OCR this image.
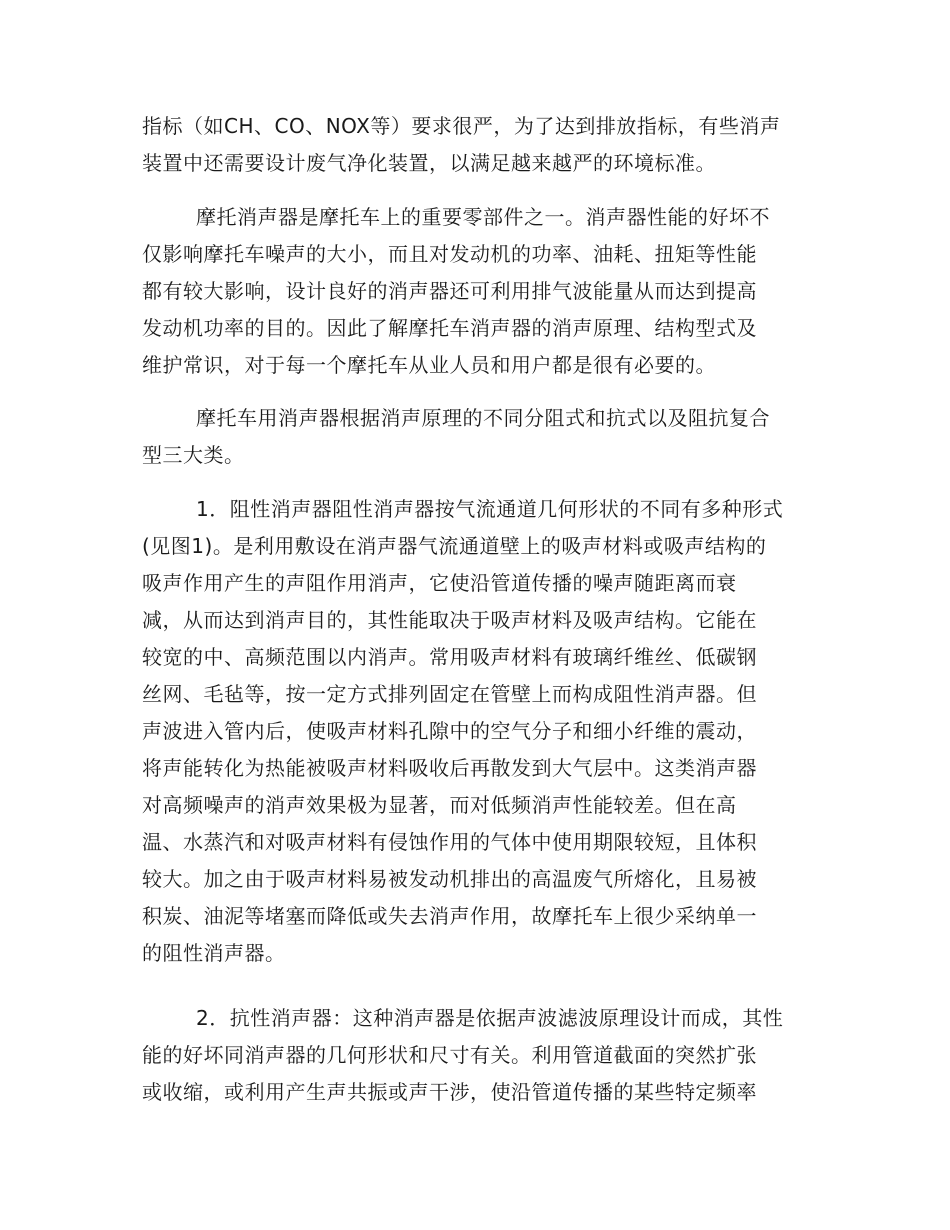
指标（如CH、CO、NOX等）要求很严，为了达到排放指标，有些消声
装置中还需要设计废气净化装置，以满足越来越严的环境标准。
摩托消声器是摩托车上的重要零部件之一。消声器性能的好坏不
仅影响摩托车噪声的大小，而且对发动机的功率、油耗、扭矩等性能
都有较大影响，设计良好的消声器还可利用排气波能量从而达到提高
发动机功率的目的。因此了解摩托车消声器的消声原理、结构型式及
维护常识，对于每一个摩托车从业人员和用户都是很有必要的。
摩托车用消声器根据消声原理的不同分阻式和抗式以及阻抗复合
型三大类。
1．阻性消声器阻性消声器按气流通道几何形状的不同有多种形式
(见图1)。是利用敷设在消声器气流通道壁上的吸声材料或吸声结构的
吸声作用产生的声阻作用消声，它使沿管道传播的噪声随距离而衰
减，从而达到消声目的，其性能取决于吸声材料及吸声结构。它能在
较宽的中、高频范围以内消声。常用吸声材料有玻璃纤维丝、低碳钢
丝网、毛毡等，按一定方式排列固定在管壁上而构成阻性消声器。但
声波进入管内后，使吸声材料孔隙中的空气分子和细小纤维的震动，
将声能转化为热能被吸声材料吸收后再散发到大气层中。这类消声器
对高频噪声的消声效果极为显著，而对低频消声性能较差。但在高
温、水蒸汽和对吸声材料有侵蚀作用的气体中使用期限较短，且体积
较大。加之由于吸声材料易被发动机排出的高温废气所熔化，且易被
积炭、油泥等堵塞而降低或失去消声作用，故摩托车上很少采纳单一
的阻性消声器。
2．抗性消声器：这种消声器是依据声波滤波原理设计而成，其性
能的好坏同消声器的几何形状和尺寸有关。利用管道截面的突然扩张
或收缩，或利用产生声共振或声干涉，使沿管道传播的某些特定频率
